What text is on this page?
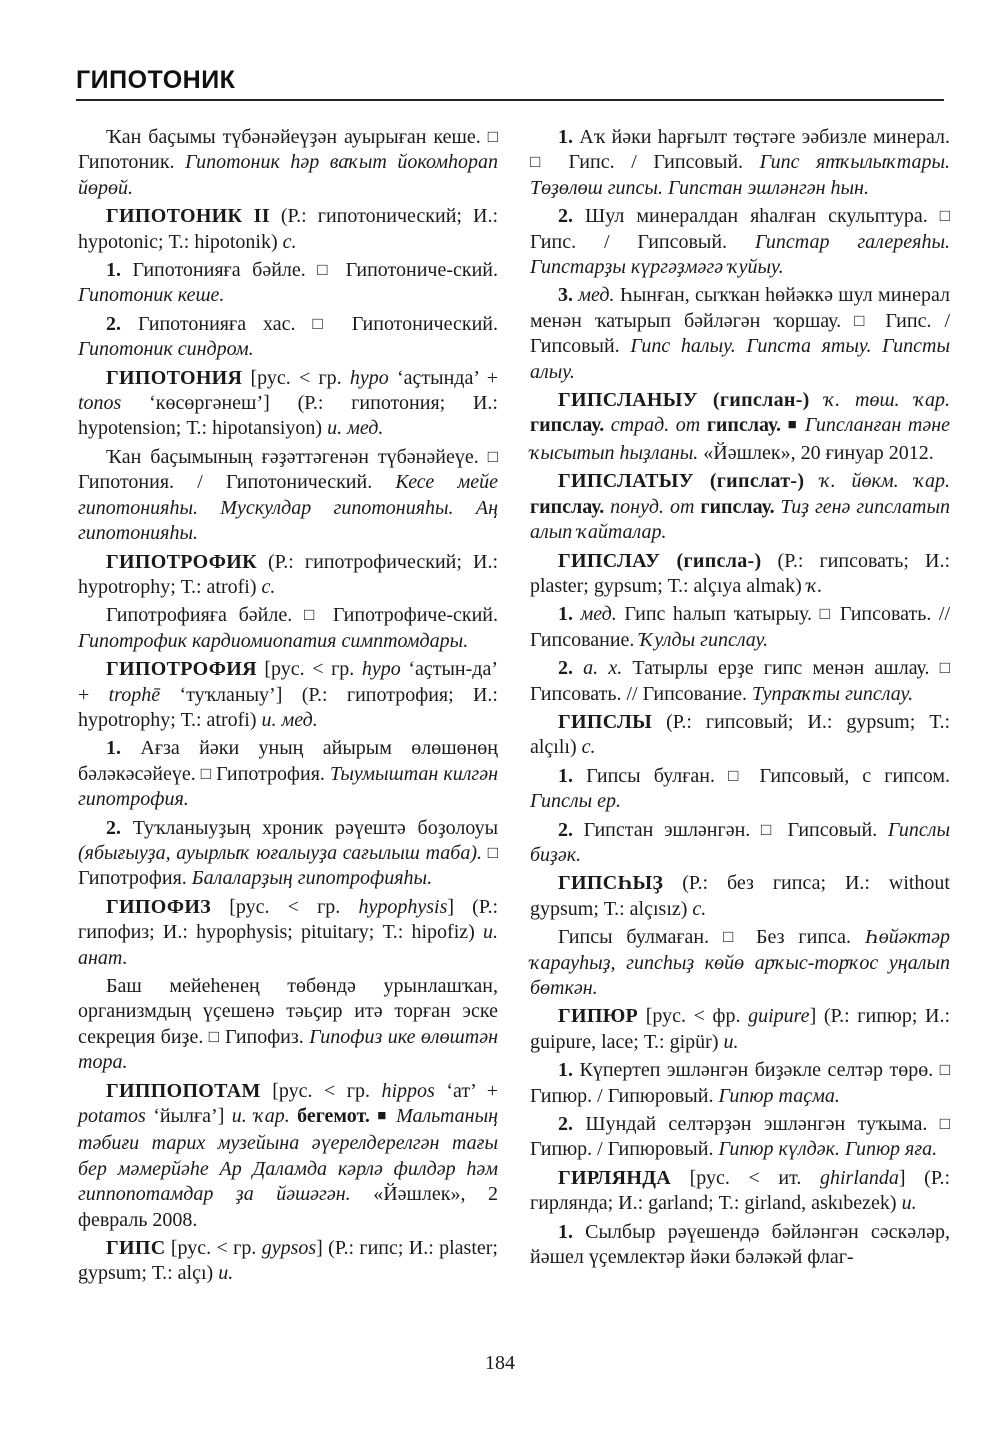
ГИПОТОНИК

Ҡан баҫымы түбәнәйеүҙән ауырыған кеше. □ Гипотоник. Гипотоник һәр ваҡыт йокомһорап йөрөй.

ГИПОТОНИК II (Р.: гипотонический; И.: hypotonic; Т.: hipotonik) с.

1. Гипотонияға бәйле. □ Гипотониче-ский. Гипотоник кеше.

2. Гипотонияға хас. □ Гипотонический. Гипотоник синдром.

ГИПОТОНИЯ [рус. < гр. hypo ‘аҫтында’ + tonos ‘көсөргәнеш’] (Р.: гипотония; И.: hypotension; Т.: hipotansiyon) и. мед.

Ҡан баҫымының ғәҙәттәгенән түбәнәйеүе. □ Гипотония. / Гипотонический. Кесе мейе гипотонияһы. Мускулдар гипотонияһы. Аң гипотонияһы.

ГИПОТРОФИК (Р.: гипотрофический; И.: hypotrophy; Т.: atrofi) с.

Гипотрофияға бәйле. □ Гипотрофиче-ский. Гипотрофик кардиомиопатия симптомдары.

ГИПОТРОФИЯ [рус. < гр. hypo ‘аҫтын-да’ + trophē ‘туҡланыу’] (Р.: гипотрофия; И.: hypotrophy; Т.: atrofi) и. мед.

1. Ағза йәки уның айырым өлөшөнөң бәләкәсәйеүе. □ Гипотрофия. Тыумыштан килгән гипотрофия.

2. Туҡланыуҙың хроник рәүештә боҙолоуы (ябығыуҙа, ауырлыҡ юғалыуҙа сағылыш таба). □ Гипотрофия. Балаларҙың гипотрофияһы.

ГИПОФИЗ [рус. < гр. hypophysis] (Р.: гипофиз; И.: hypophysis; pituitary; Т.: hipofiz) и. анат.

Баш мейеһенең төбөндә урынлашҡан, организмдың үҫешенә тәьҫир итә торған эске секреция биҙе. □ Гипофиз. Гипофиз ике өлөштән тора.

ГИППОПОТАМ [рус. < гр. hippos ‘ат’ + potamos ‘йылға’] и. ҡар. бегемот. ■ Мальтаның тәбиғи тарих музейына әүерелдерелгән тағы бер мәмерйәһе Ар Даламда кәрлә филдәр һәм гиппопотамдар ҙа йәшәгән. «Йәшлек», 2 февраль 2008.

ГИПС [рус. < гр. gypsos] (Р.: гипс; И.: plaster; gypsum; Т.: alçı) и.

1. Аҡ йәки һарғылт төҫтәге эәбизле минерал. □ Гипс. / Гипсовый. Гипс ятҡылыҡтары. Төҙөлөш гипсы. Гипстан эшләнгән һын.

2. Шул минералдан яһалған скульптура. □ Гипс. / Гипсовый. Гипстар галереяһы. Гипстарҙы күргәҙмәгә ҡуйыу.

3. мед. Һынған, сыҡҡан һөйәккә шул минерал менән ҡатырып бәйләгән ҡоршау. □ Гипс. / Гипсовый. Гипс һалыу. Гипста ятыу. Гипсты алыу.

ГИПСЛАНЫУ (гипслан-) ҡ. төш. ҡар. гипслау. страд. от гипслау. ■ Гипсланған тәне ҡысытып һыҙланы. «Йәшлек», 20 ғинуар 2012.

ГИПСЛАТЫУ (гипслат-) ҡ. йөкм. ҡар. гипслау. понуд. от гипслау. Тиҙ генә гипслатып алып ҡайталар.

ГИПСЛАУ (гипсла-) (Р.: гипсовать; И.: plaster; gypsum; Т.: alçıya almak) ҡ.

1. мед. Гипс һалып ҡатырыу. □ Гипсовать. // Гипсование. Ҡулды гипслау.

2. а. х. Татырлы ерҙе гипс менән ашлау. □ Гипсовать. // Гипсование. Тупраҡты гипслау.

ГИПСЛЫ (Р.: гипсовый; И.: gypsum; Т.: alçılı) с.

1. Гипсы булған. □ Гипсовый, с гипсом. Гипслы ер.

2. Гипстан эшләнгән. □ Гипсовый. Гипслы биҙәк.

ГИПСҺЫҘ (Р.: без гипса; И.: without gypsum; Т.: alçısız) с.

Гипсы булмаған. □ Без гипса. Һөйәктәр ҡарауһыҙ, гипсһыҙ көйө арҡыс-торҡос уңалып бөткән.

ГИПЮР [рус. < фр. guipure] (Р.: гипюр; И.: guipure, lace; Т.: gipür) и.

1. Күпертеп эшләнгән биҙәкле селтәр төрө. □ Гипюр. / Гипюровый. Гипюр таҫма.

2. Шундай селтәрҙән эшләнгән туҡыма. □ Гипюр. / Гипюровый. Гипюр күлдәк. Гипюр яға.

ГИРЛЯНДА [рус. < ит. ghirlanda] (Р.: гирлянда; И.: garland; Т.: girland, askıbezek) и.

1. Сылбыр рәүешендә бәйләнгән сәскәләр, йәшел үҫемлектәр йәки бәләкәй флаг-

184
